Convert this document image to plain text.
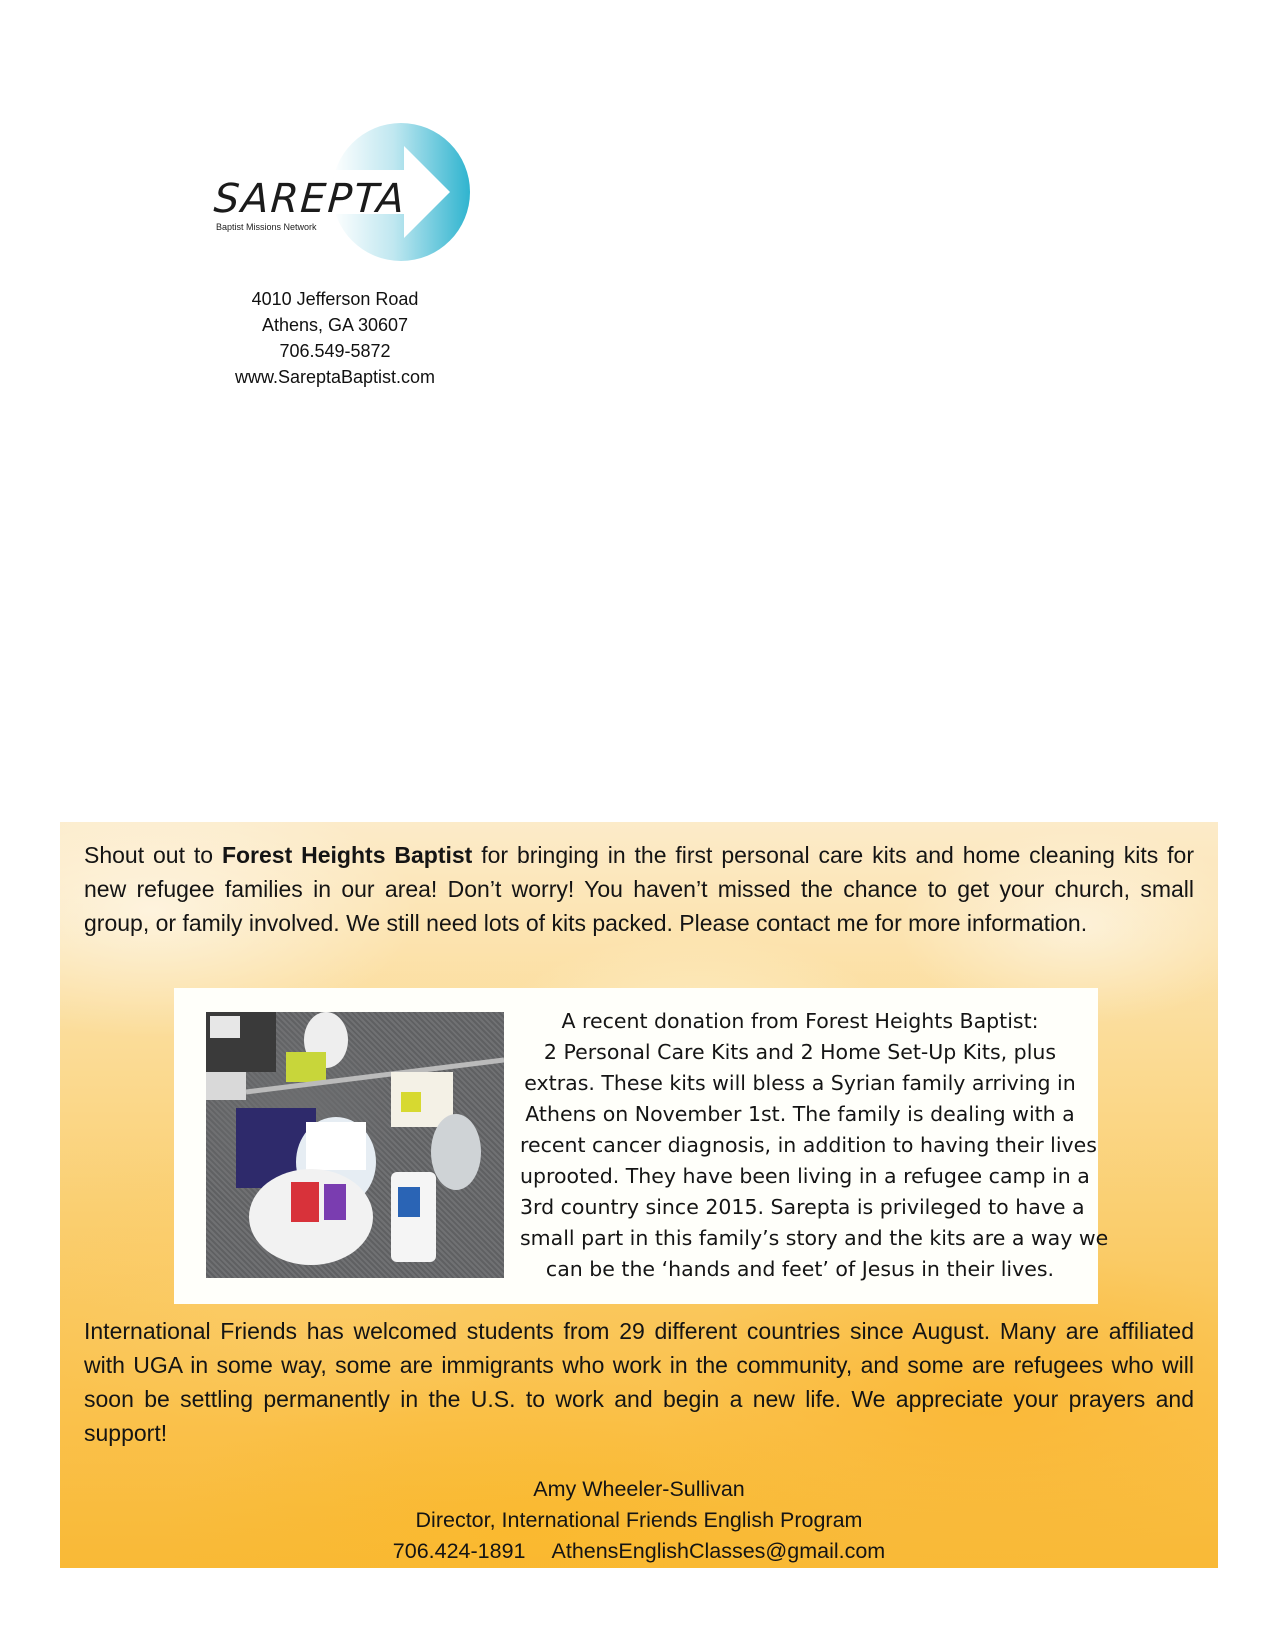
SAREPTA
Baptist Missions Network
4010 Jefferson Road
Athens, GA 30607
706.549-5872
www.SareptaBaptist.com
Shout out to Forest Heights Baptist for bringing in the first personal care kits and home cleaning kits for new refugee families in our area! Don’t worry! You haven’t missed the chance to get your church, small group, or family involved. We still need lots of kits packed. Please contact me for more information.
A recent donation from Forest Heights Baptist:
2 Personal Care Kits and 2 Home Set-Up Kits, plus
extras. These kits will bless a Syrian family arriving in
Athens on November 1st. The family is dealing with a
recent cancer diagnosis, in addition to having their lives
uprooted. They have been living in a refugee camp in a
3rd country since 2015. Sarepta is privileged to have a
small part in this family’s story and the kits are a way we
can be the ‘hands and feet’ of Jesus in their lives.
International Friends has welcomed students from 29 different countries since August. Many are affiliated with UGA in some way, some are immigrants who work in the community, and some are refugees who will soon be settling permanently in the U.S. to work and begin a new life. We appreciate your prayers and support!
Amy Wheeler-Sullivan
Director, International Friends English Program
706.424-1891 AthensEnglishClasses@gmail.com
